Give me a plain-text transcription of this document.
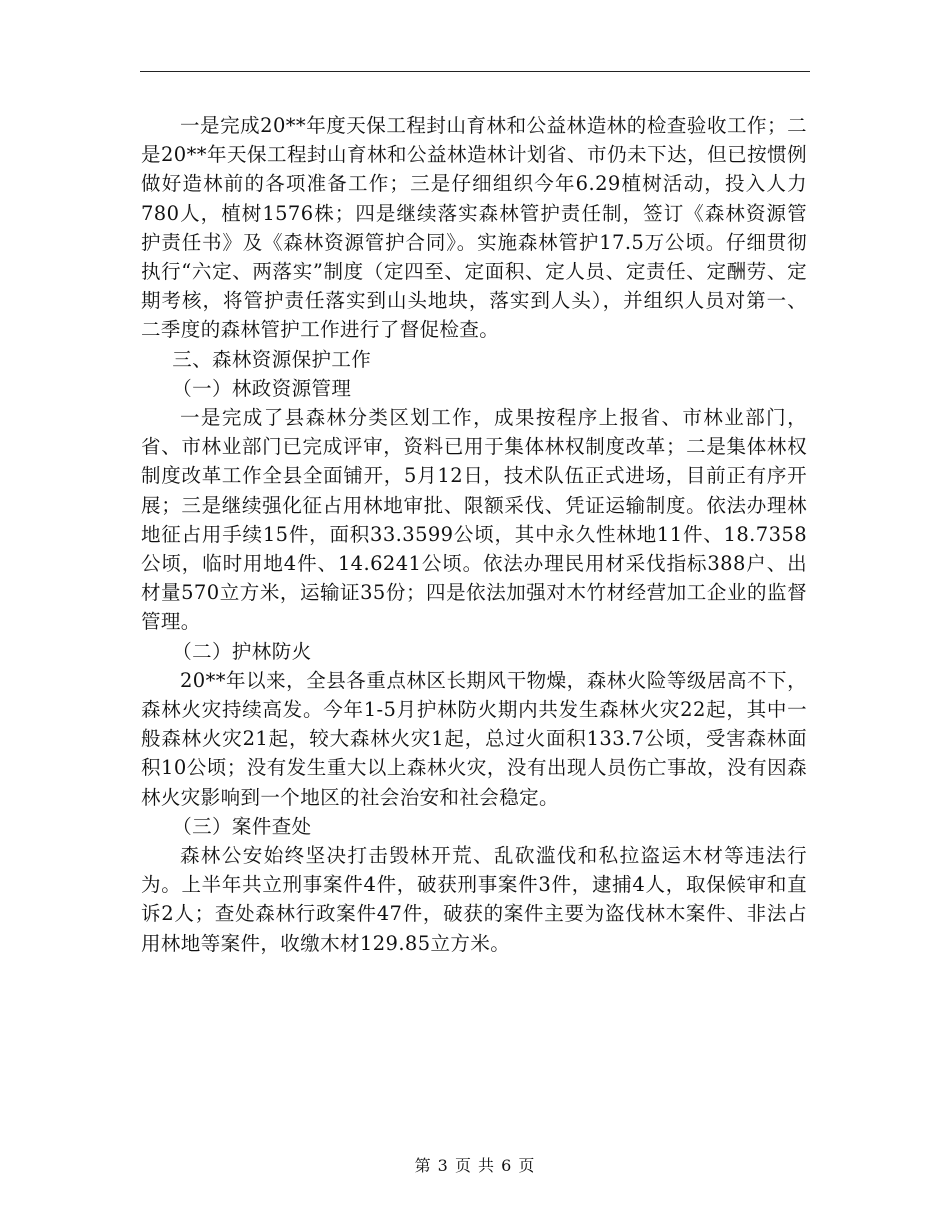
一是完成20**年度天保工程封山育林和公益林造林的检查验收工作；二是20**年天保工程封山育林和公益林造林计划省、市仍未下达，但已按惯例做好造林前的各项准备工作；三是仔细组织今年6.29植树活动，投入人力780人，植树1576株；四是继续落实森林管护责任制，签订《森林资源管护责任书》及《森林资源管护合同》。实施森林管护17.5万公顷。仔细贯彻执行“六定、两落实”制度（定四至、定面积、定人员、定责任、定酬劳、定期考核，将管护责任落实到山头地块，落实到人头），并组织人员对第一、二季度的森林管护工作进行了督促检查。

三、森林资源保护工作

（一）林政资源管理

一是完成了县森林分类区划工作，成果按程序上报省、市林业部门，省、市林业部门已完成评审，资料已用于集体林权制度改革；二是集体林权制度改革工作全县全面铺开，5月12日，技术队伍正式进场，目前正有序开展；三是继续强化征占用林地审批、限额采伐、凭证运输制度。依法办理林地征占用手续15件，面积33.3599公顷，其中永久性林地11件、18.7358公顷，临时用地4件、14.6241公顷。依法办理民用材采伐指标388户、出材量570立方米，运输证35份；四是依法加强对木竹材经营加工企业的监督管理。

（二）护林防火

20**年以来，全县各重点林区长期风干物燥，森林火险等级居高不下，森林火灾持续高发。今年1-5月护林防火期内共发生森林火灾22起，其中一般森林火灾21起，较大森林火灾1起，总过火面积133.7公顷，受害森林面积10公顷；没有发生重大以上森林火灾，没有出现人员伤亡事故，没有因森林火灾影响到一个地区的社会治安和社会稳定。

（三）案件查处

森林公安始终坚决打击毁林开荒、乱砍滥伐和私拉盗运木材等违法行为。上半年共立刑事案件4件，破获刑事案件3件，逮捕4人，取保候审和直诉2人；查处森林行政案件47件，破获的案件主要为盗伐林木案件、非法占用林地等案件，收缴木材129.85立方米。

第 3 页 共 6 页
